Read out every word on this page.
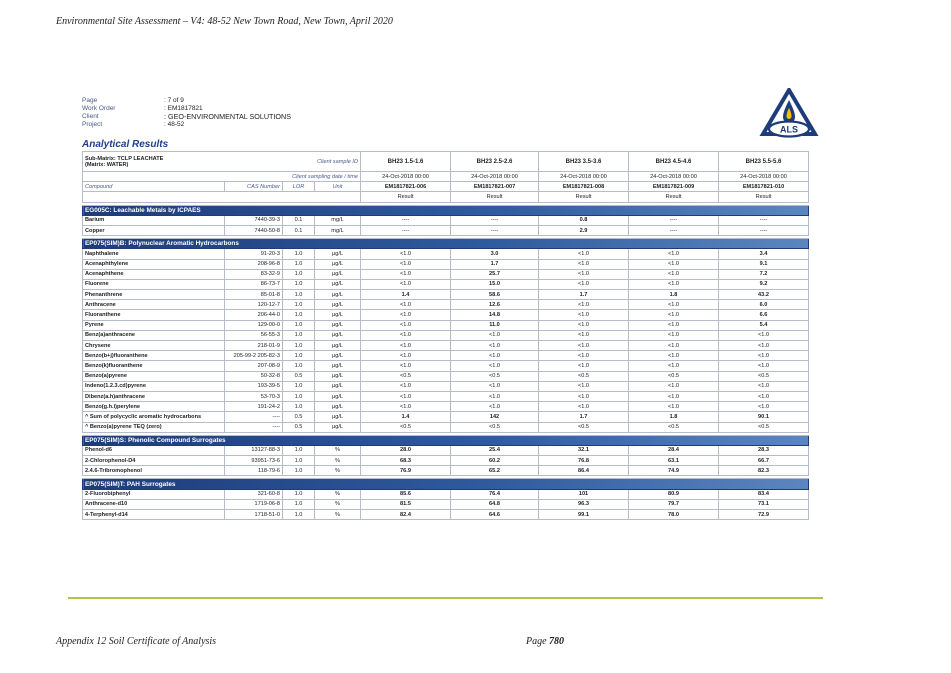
Environmental Site Assessment – V4: 48-52 New Town Road, New Town, April 2020
Page	: 7 of 9
Work Order	: EM1817821
Client	: GEO-ENVIRONMENTAL SOLUTIONS
Project	: 48-52	ALS
Analytical Results
Sub-Matrix: TCLP LEACHATE
(Matrix: WATER)			Client sample ID	BH23 1.5-1.6	BH23 2.5-2.6	BH23 3.5-3.6	BH23 4.5-4.6	BH23 5.5-5.6
Client sampling date / time				24-Oct-2018 00:00	24-Oct-2018 00:00	24-Oct-2018 00:00	24-Oct-2018 00:00	24-Oct-2018 00:00
Compound	CAS Number	LOR	Unit	EM1817821-006	EM1817821-007	EM1817821-008	EM1817821-009	EM1817821-010
				Result	Result	Result	Result	Result

EG005C: Leachable Metals by ICPAES								
Barium	7440-39-3	0.1	mg/L	----	----	0.8	----	----
Copper	7440-50-8	0.1	mg/L	----	----	2.9	----	----

EP075(SIM)B: Polynuclear Aromatic Hydrocarbons								
Naphthalene	91-20-3	1.0	µg/L	<1.0	3.0	<1.0	<1.0	3.4
Acenaphthylene	208-96-8	1.0	µg/L	<1.0	1.7	<1.0	<1.0	9.1
Acenaphthene	83-32-9	1.0	µg/L	<1.0	25.7	<1.0	<1.0	7.2
Fluorene	86-73-7	1.0	µg/L	<1.0	15.0	<1.0	<1.0	9.2
Phenanthrene	85-01-8	1.0	µg/L	1.4	58.6	1.7	1.8	43.2
Anthracene	120-12-7	1.0	µg/L	<1.0	12.6	<1.0	<1.0	6.0
Fluoranthene	206-44-0	1.0	µg/L	<1.0	14.8	<1.0	<1.0	6.6
Pyrene	129-00-0	1.0	µg/L	<1.0	11.0	<1.0	<1.0	5.4
Benz(a)anthracene	56-55-3	1.0	µg/L	<1.0	<1.0	<1.0	<1.0	<1.0
Chrysene	218-01-9	1.0	µg/L	<1.0	<1.0	<1.0	<1.0	<1.0
Benzo(b+j)fluoranthene	205-99-2 205-82-3	1.0	µg/L	<1.0	<1.0	<1.0	<1.0	<1.0
Benzo(k)fluoranthene	207-08-9	1.0	µg/L	<1.0	<1.0	<1.0	<1.0	<1.0
Benzo(a)pyrene	50-32-8	0.5	µg/L	<0.5	<0.5	<0.5	<0.5	<0.5
Indeno(1.2.3.cd)pyrene	193-39-5	1.0	µg/L	<1.0	<1.0	<1.0	<1.0	<1.0
Dibenz(a.h)anthracene	53-70-3	1.0	µg/L	<1.0	<1.0	<1.0	<1.0	<1.0
Benzo(g.h.i)perylene	191-24-2	1.0	µg/L	<1.0	<1.0	<1.0	<1.0	<1.0
^ Sum of polycyclic aromatic hydrocarbons	----	0.5	µg/L	1.4	142	1.7	1.8	90.1
^ Benzo(a)pyrene TEQ (zero)	----	0.5	µg/L	<0.5	<0.5	<0.5	<0.5	<0.5

EP075(SIM)S: Phenolic Compound Surrogates								
Phenol-d6	13127-88-3	1.0	%	28.0	25.4	32.1	28.4	28.3
2-Chlorophenol-D4	93951-73-6	1.0	%	68.3	60.2	76.8	63.1	66.7
2.4.6-Tribromophenol	118-79-6	1.0	%	76.9	65.2	86.4	74.9	82.3

EP075(SIM)T: PAH Surrogates								
2-Fluorobiphenyl	321-60-8	1.0	%	85.6	76.4	101	80.9	83.4
Anthracene-d10	1719-06-8	1.0	%	81.5	64.8	96.3	79.7	73.1
4-Terphenyl-d14	1718-51-0	1.0	%	82.4	64.6	99.1	78.0	72.9
Appendix 12 Soil Certificate of Analysis	Page 780
